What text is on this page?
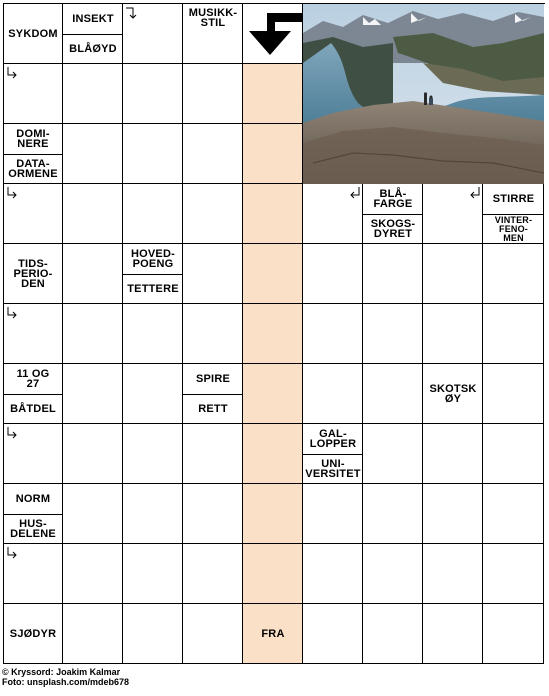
SYKDOM
INSEKT
BLÅØYD
MUSIKK-
STIL
DOMI-
NERE
DATA-
ORMENE
BLÅ-
FARGE
SKOGS-
DYRET
STIRRE
VINTER-
FENO-
MEN
TIDS-
PERIO-
DEN
HOVED-
POENG
TETTERE
11 OG
27
BÅTDEL
SPIRE
RETT
SKOTSK
ØY
GAL-
LOPPER
UNI-
VERSITET
NORM
HUS-
DELENE
SJØDYR	FRA
© Kryssord: Joakim Kalmar
Foto: unsplash.com/mdeb678
